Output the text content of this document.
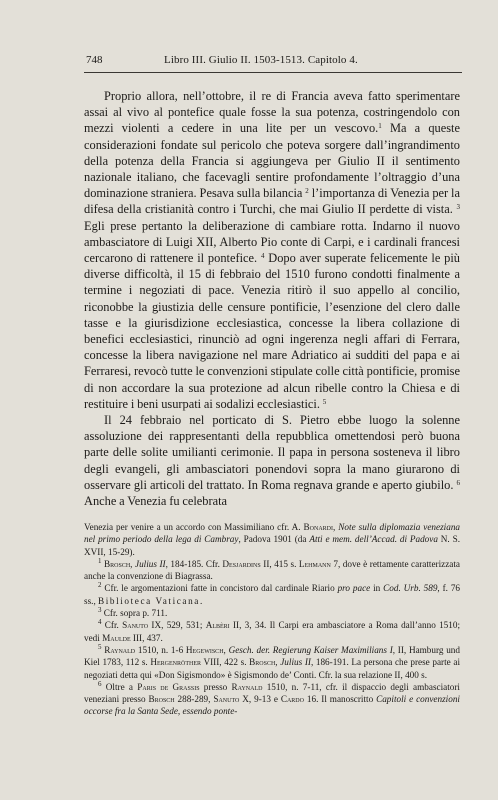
748	Libro III. Giulio II. 1503-1513. Capitolo 4.

Proprio allora, nell’ottobre, il re di Francia aveva fatto sperimentare assai al vivo al pontefice quale fosse la sua potenza, costringendolo con mezzi violenti a cedere in una lite per un vescovo.$^1$ Ma a queste considerazioni fondate sul pericolo che poteva sorgere dall’ingrandimento della potenza della Francia si aggiungeva per Giulio II il sentimento nazionale italiano, che facevagli sentire profondamente l’oltraggio d’una dominazione straniera. Pesava sulla bilancia $^2$ l’importanza di Venezia per la difesa della cristianità contro i Turchi, che mai Giulio II perdette di vista. $^3$ Egli prese pertanto la deliberazione di cambiare rotta. Indarno il nuovo ambasciatore di Luigi XII, Alberto Pio conte di Carpi, e i cardinali francesi cercarono di rattenere il pontefice. $^4$ Dopo aver superate felicemente le più diverse difficoltà, il 15 di febbraio del 1510 furono condotti finalmente a termine i negoziati di pace. Venezia ritirò il suo appello al concilio, riconobbe la giustizia delle censure pontificie, l’esenzione del clero dalle tasse e la giurisdizione ecclesiastica, concesse la libera collazione di benefici ecclesiastici, rinunciò ad ogni ingerenza negli affari di Ferrara, concesse la libera navigazione nel mare Adriatico ai sudditi del papa e ai Ferraresi, revocò tutte le convenzioni stipulate colle città pontificie, promise di non accordare la sua protezione ad alcun ribelle contro la Chiesa e di restituire i beni usurpati ai sodalizi ecclesiastici. $^5$

Il 24 febbraio nel porticato di S. Pietro ebbe luogo la solenne assoluzione dei rappresentanti della repubblica omettendosi però buona parte delle solite umilianti cerimonie. Il papa in persona sosteneva il libro degli evangeli, gli ambasciatori ponendovi sopra la mano giurarono di osservare gli articoli del trattato. In Roma regnava grande e aperto giubilo. $^6$ Anche a Venezia fu celebrata

Venezia per venire a un accordo con Massimiliano cfr. A. Bonardi, Note sulla diplomazia veneziana nel primo periodo della lega di Cambray, Padova 1901 (da Atti e mem. dell’Accad. di Padova N. S. XVII, 15-29).

$^1$ Brosch, Julius II, 184-185. Cfr. Desjardins II, 415 s. Lehmann 7, dove è rettamente caratterizzata anche la convenzione di Biagrassa.

$^2$ Cfr. le argomentazioni fatte in concistoro dal cardinale Riario pro pace in Cod. Urb. 589, f. 76 ss., Biblioteca Vaticana.

$^3$ Cfr. sopra p. 711.

$^4$ Cfr. Sanuto IX, 529, 531; Albèri II, 3, 34. Il Carpi era ambasciatore a Roma dall’anno 1510; vedi Maulde III, 437.

$^5$ Raynald 1510, n. 1-6 Hegewisch, Gesch. der. Regierung Kaiser Maximilians I, II, Hamburg und Kiel 1783, 112 s. Hergenröther VIII, 422 s. Brosch, Julius II, 186-191. La persona che prese parte ai negoziati detta qui «Don Sigismondo» è Sigismondo de’ Conti. Cfr. la sua relazione II, 400 s.

$^6$ Oltre a Paris de Grassis presso Raynald 1510, n. 7-11, cfr. il dispaccio degli ambasciatori veneziani presso Brosch 288-289, Sanuto X, 9-13 e Cardo 16. Il manoscritto Capitoli e convenzioni occorse fra la Santa Sede, essendo ponte-
